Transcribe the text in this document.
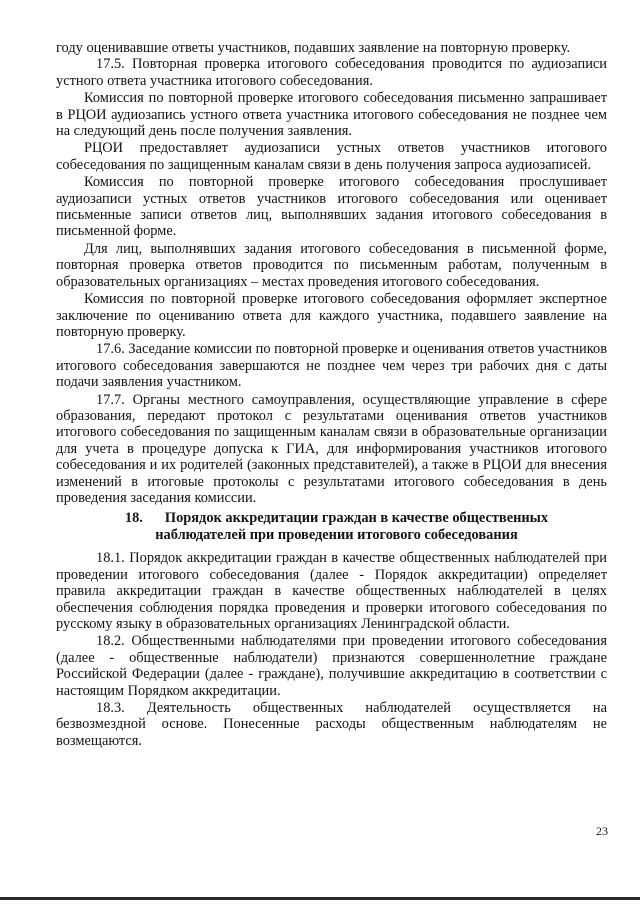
году оценивавшие ответы участников, подавших заявление на повторную проверку.

17.5. Повторная проверка итогового собеседования проводится по аудиозаписи устного ответа участника итогового собеседования.

Комиссия по повторной проверке итогового собеседования письменно запрашивает в РЦОИ аудиозапись устного ответа участника итогового собеседования не позднее чем на следующий день после получения заявления.

РЦОИ предоставляет аудиозаписи устных ответов участников итогового собеседования по защищенным каналам связи в день получения запроса аудиозаписей.

Комиссия по повторной проверке итогового собеседования прослушивает аудиозаписи устных ответов участников итогового собеседования или оценивает письменные записи ответов лиц, выполнявших задания итогового собеседования в письменной форме.

Для лиц, выполнявших задания итогового собеседования в письменной форме, повторная проверка ответов проводится по письменным работам, полученным в образовательных организациях – местах проведения итогового собеседования.

Комиссия по повторной проверке итогового собеседования оформляет экспертное заключение по оцениванию ответа для каждого участника, подавшего заявление на повторную проверку.

17.6. Заседание комиссии по повторной проверке и оценивания ответов участников итогового собеседования завершаются не позднее чем через три рабочих дня с даты подачи заявления участником.

17.7. Органы местного самоуправления, осуществляющие управление в сфере образования, передают протокол с результатами оценивания ответов участников итогового собеседования по защищенным каналам связи в образовательные организации для учета в процедуре допуска к ГИА, для информирования участников итогового собеседования и их родителей (законных представителей), а также в РЦОИ для внесения изменений в итоговые протоколы с результатами итогового собеседования в день проведения заседания комиссии.

18. Порядок аккредитации граждан в качестве общественных
наблюдателей при проведении итогового собеседования

18.1. Порядок аккредитации граждан в качестве общественных наблюдателей при проведении итогового собеседования (далее - Порядок аккредитации) определяет правила аккредитации граждан в качестве общественных наблюдателей в целях обеспечения соблюдения порядка проведения и проверки итогового собеседования по русскому языку в образовательных организациях Ленинградской области.

18.2. Общественными наблюдателями при проведении итогового собеседования (далее - общественные наблюдатели) признаются совершеннолетние граждане Российской Федерации (далее - граждане), получившие аккредитацию в соответствии с настоящим Порядком аккредитации.

18.3. Деятельность общественных наблюдателей осуществляется на безвозмездной основе. Понесенные расходы общественным наблюдателям не возмещаются.

23
